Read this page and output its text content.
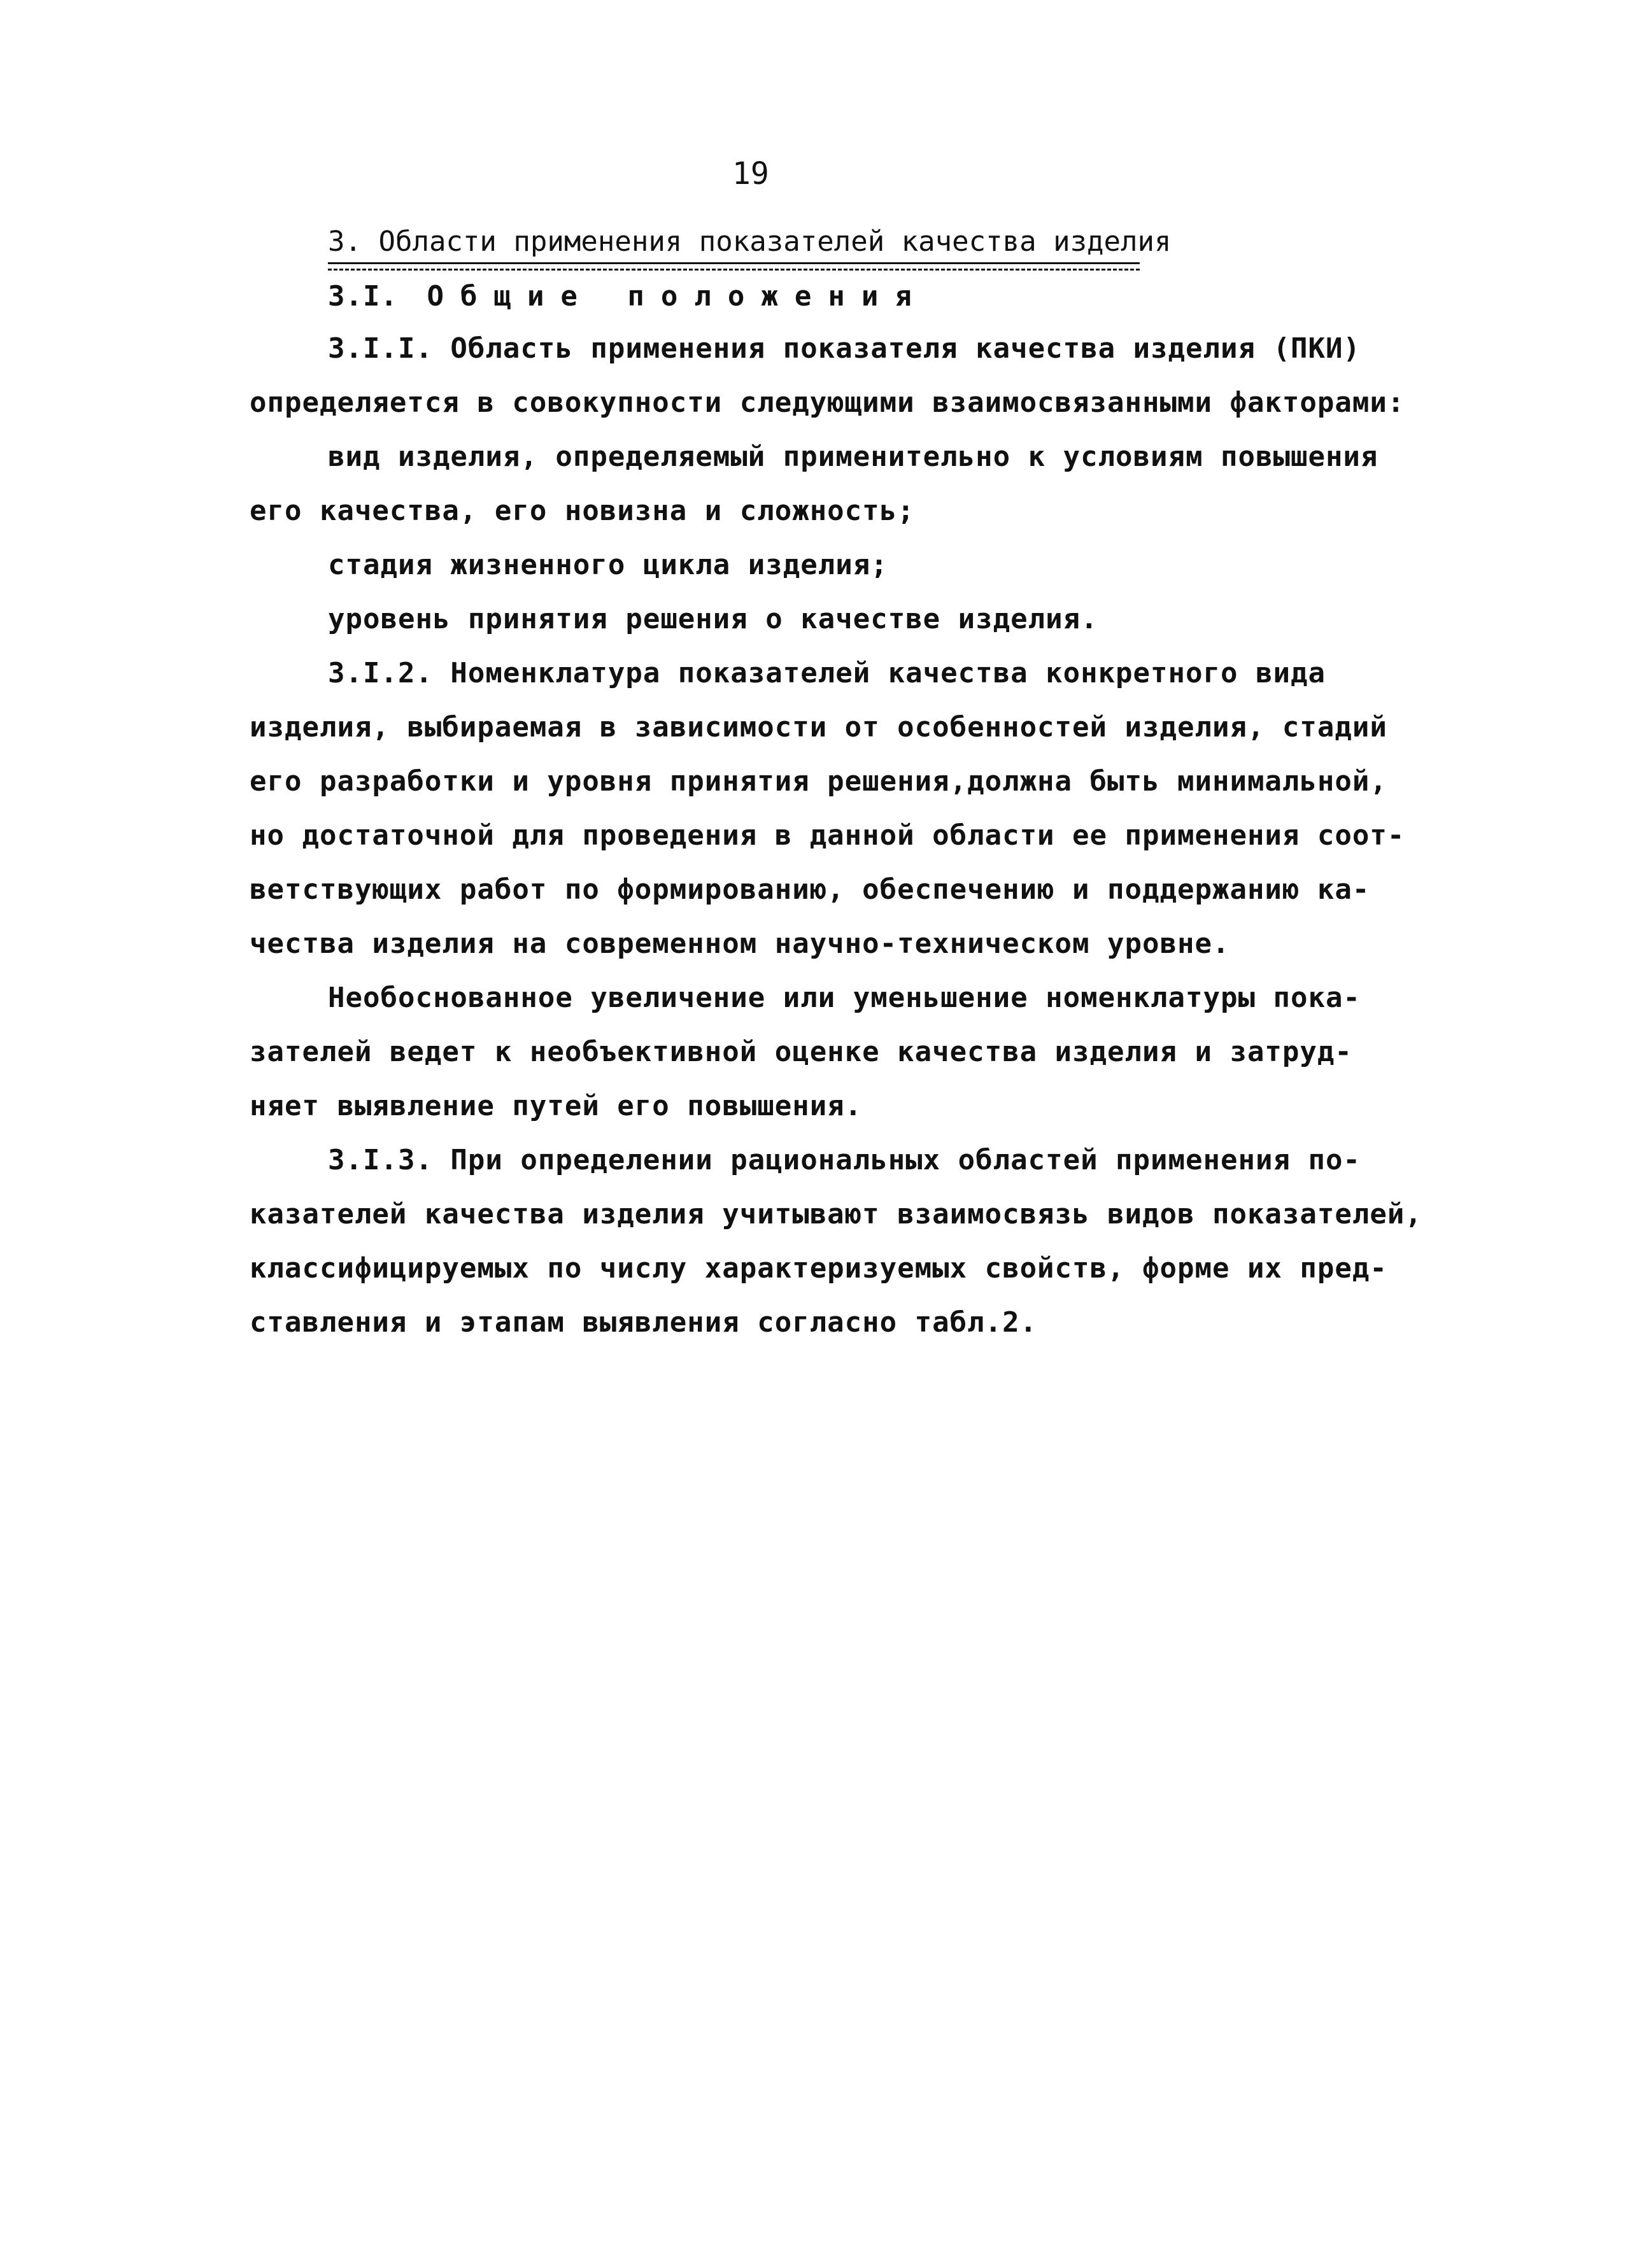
19
3. Области применения показателей качества изделия
3.I. Общие положения
3.I.I. Область применения показателя качества изделия (ПКИ)
определяется в совокупности следующими взаимосвязанными факторами:
вид изделия, определяемый применительно к условиям повышения
его качества, его новизна и сложность;
стадия жизненного цикла изделия;
уровень принятия решения о качестве изделия.
3.I.2. Номенклатура показателей качества конкретного вида
изделия, выбираемая в зависимости от особенностей изделия, стадий
его разработки и уровня принятия решения,должна быть минимальной,
но достаточной для проведения в данной области ее применения соот-
ветствующих работ по формированию, обеспечению и поддержанию ка-
чества изделия на современном научно-техническом уровне.
Необоснованное увеличение или уменьшение номенклатуры пока-
зателей ведет к необъективной оценке качества изделия и затруд-
няет выявление путей его повышения.
3.I.3. При определении рациональных областей применения по-
казателей качества изделия учитывают взаимосвязь видов показателей,
классифицируемых по числу характеризуемых свойств, форме их пред-
ставления и этапам выявления согласно табл.2.
